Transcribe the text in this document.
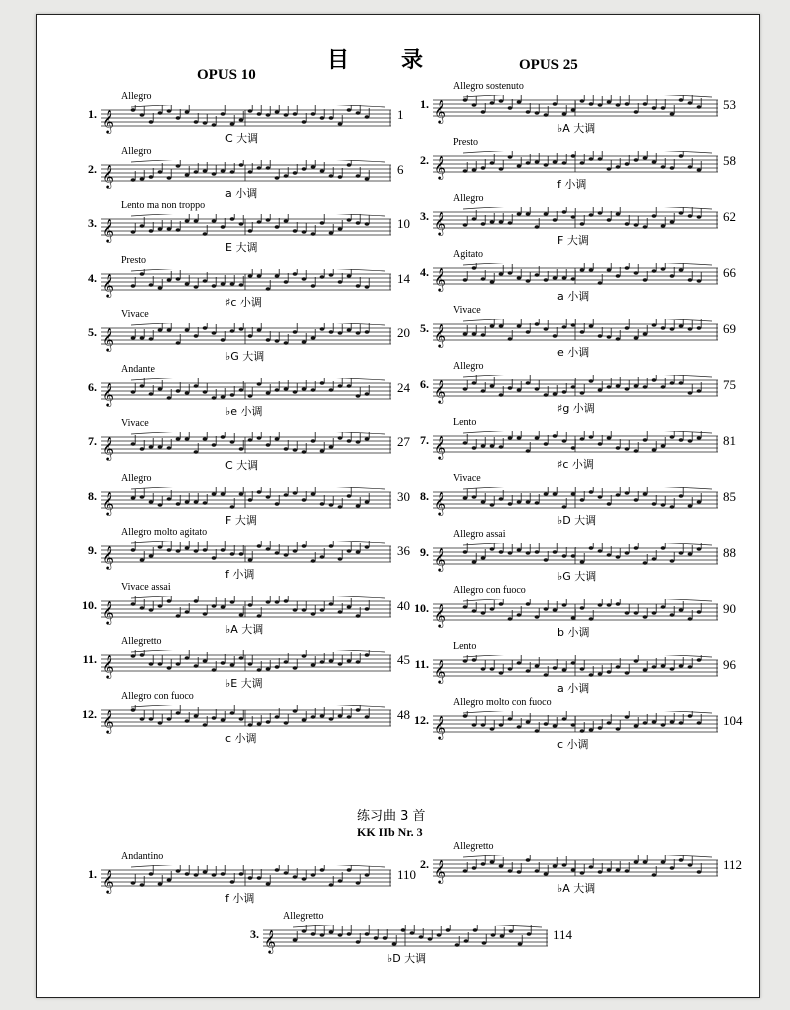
目录
OPUS 10
OPUS 25
1.
Allegro
𝄞	1
C 大调
2.
Allegro
𝄞	6
a 小调
3.
Lento ma non troppo
𝄞	10
E 大调
4.
Presto
𝄞	14
♯c 小调
5.
Vivace
𝄞	20
♭G 大调
6.
Andante
𝄞	24
♭e 小调
7.
Vivace
𝄞	27
C 大调
8.
Allegro
𝄞	30
F 大调
9.
Allegro molto agitato
𝄞	36
f 小调
10.
Vivace assai
𝄞	40
♭A 大调
11.
Allegretto
𝄞	45
♭E 大调
12.
Allegro con fuoco
𝄞	48
c 小调
1.
Allegro sostenuto
𝄞	53
♭A 大调
2.
Presto
𝄞	58
f 小调
3.
Allegro
𝄞	62
F 大调
4.
Agitato
𝄞	66
a 小调
5.
Vivace
𝄞	69
e 小调
6.
Allegro
𝄞	75
♯g 小调
7.
Lento
𝄞	81
♯c 小调
8.
Vivace
𝄞	85
♭D 大调
9.
Allegro assai
𝄞	88
♭G 大调
10.
Allegro con fuoco
𝄞	90
b 小调
11.
Lento
𝄞	96
a 小调
12.
Allegro molto con fuoco
𝄞	104
c 小调
练习曲 3 首
KK IIb Nr. 3
1.
Andantino
𝄞	110
f 小调
2.
Allegretto
𝄞	112
♭A 大调
3.
Allegretto
𝄞	114
♭D 大调
